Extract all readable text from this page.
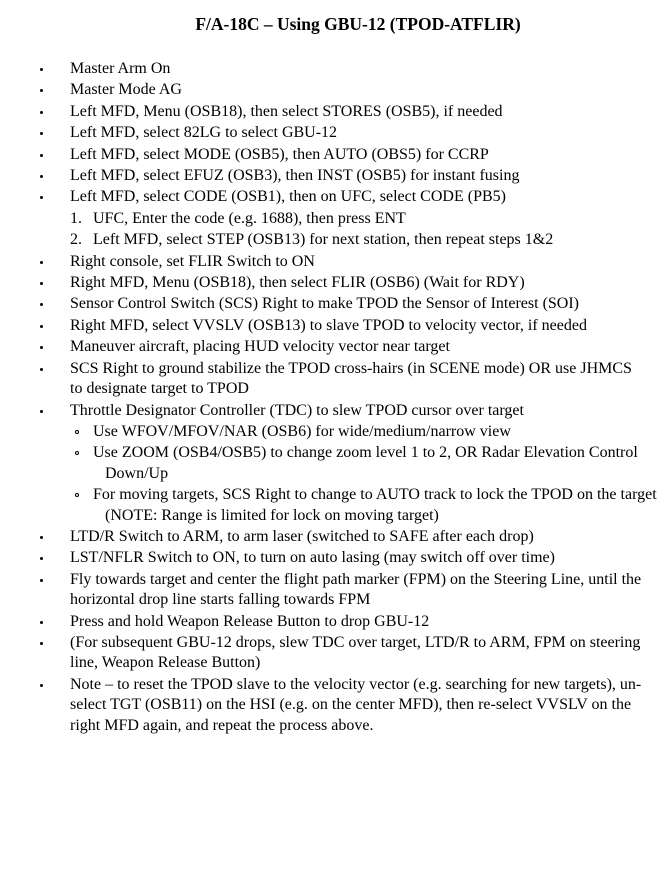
F/A-18C – Using GBU-12 (TPOD-ATFLIR)
Master Arm On
Master Mode AG
Left MFD, Menu (OSB18), then select STORES (OSB5), if needed
Left MFD, select 82LG to select GBU-12
Left MFD, select MODE (OSB5), then AUTO (OBS5) for CCRP
Left MFD, select EFUZ (OSB3), then INST (OSB5) for instant fusing
Left MFD, select CODE (OSB1), then on UFC, select CODE (PB5)
1. UFC, Enter the code (e.g. 1688), then press ENT
2. Left MFD, select STEP (OSB13) for next station, then repeat steps 1&2
Right console, set FLIR Switch to ON
Right MFD, Menu (OSB18), then select FLIR (OSB6) (Wait for RDY)
Sensor Control Switch (SCS) Right to make TPOD the Sensor of Interest (SOI)
Right MFD, select VVSLV (OSB13) to slave TPOD to velocity vector, if needed
Maneuver aircraft, placing HUD velocity vector near target
SCS Right to ground stabilize the TPOD cross-hairs (in SCENE mode) OR use JHMCS to designate target to TPOD
Throttle Designator Controller (TDC) to slew TPOD cursor over target
Use WFOV/MFOV/NAR (OSB6) for wide/medium/narrow view
Use ZOOM (OSB4/OSB5) to change zoom level 1 to 2, OR Radar Elevation Control Down/Up
For moving targets, SCS Right to change to AUTO track to lock the TPOD on the target (NOTE: Range is limited for lock on moving target)
LTD/R Switch to ARM, to arm laser (switched to SAFE after each drop)
LST/NFLR Switch to ON, to turn on auto lasing (may switch off over time)
Fly towards target and center the flight path marker (FPM) on the Steering Line, until the horizontal drop line starts falling towards FPM
Press and hold Weapon Release Button to drop GBU-12
(For subsequent GBU-12 drops, slew TDC over target, LTD/R to ARM, FPM on steering line, Weapon Release Button)
Note – to reset the TPOD slave to the velocity vector (e.g. searching for new targets), un-select TGT (OSB11) on the HSI (e.g. on the center MFD), then re-select VVSLV on the right MFD again, and repeat the process above.
